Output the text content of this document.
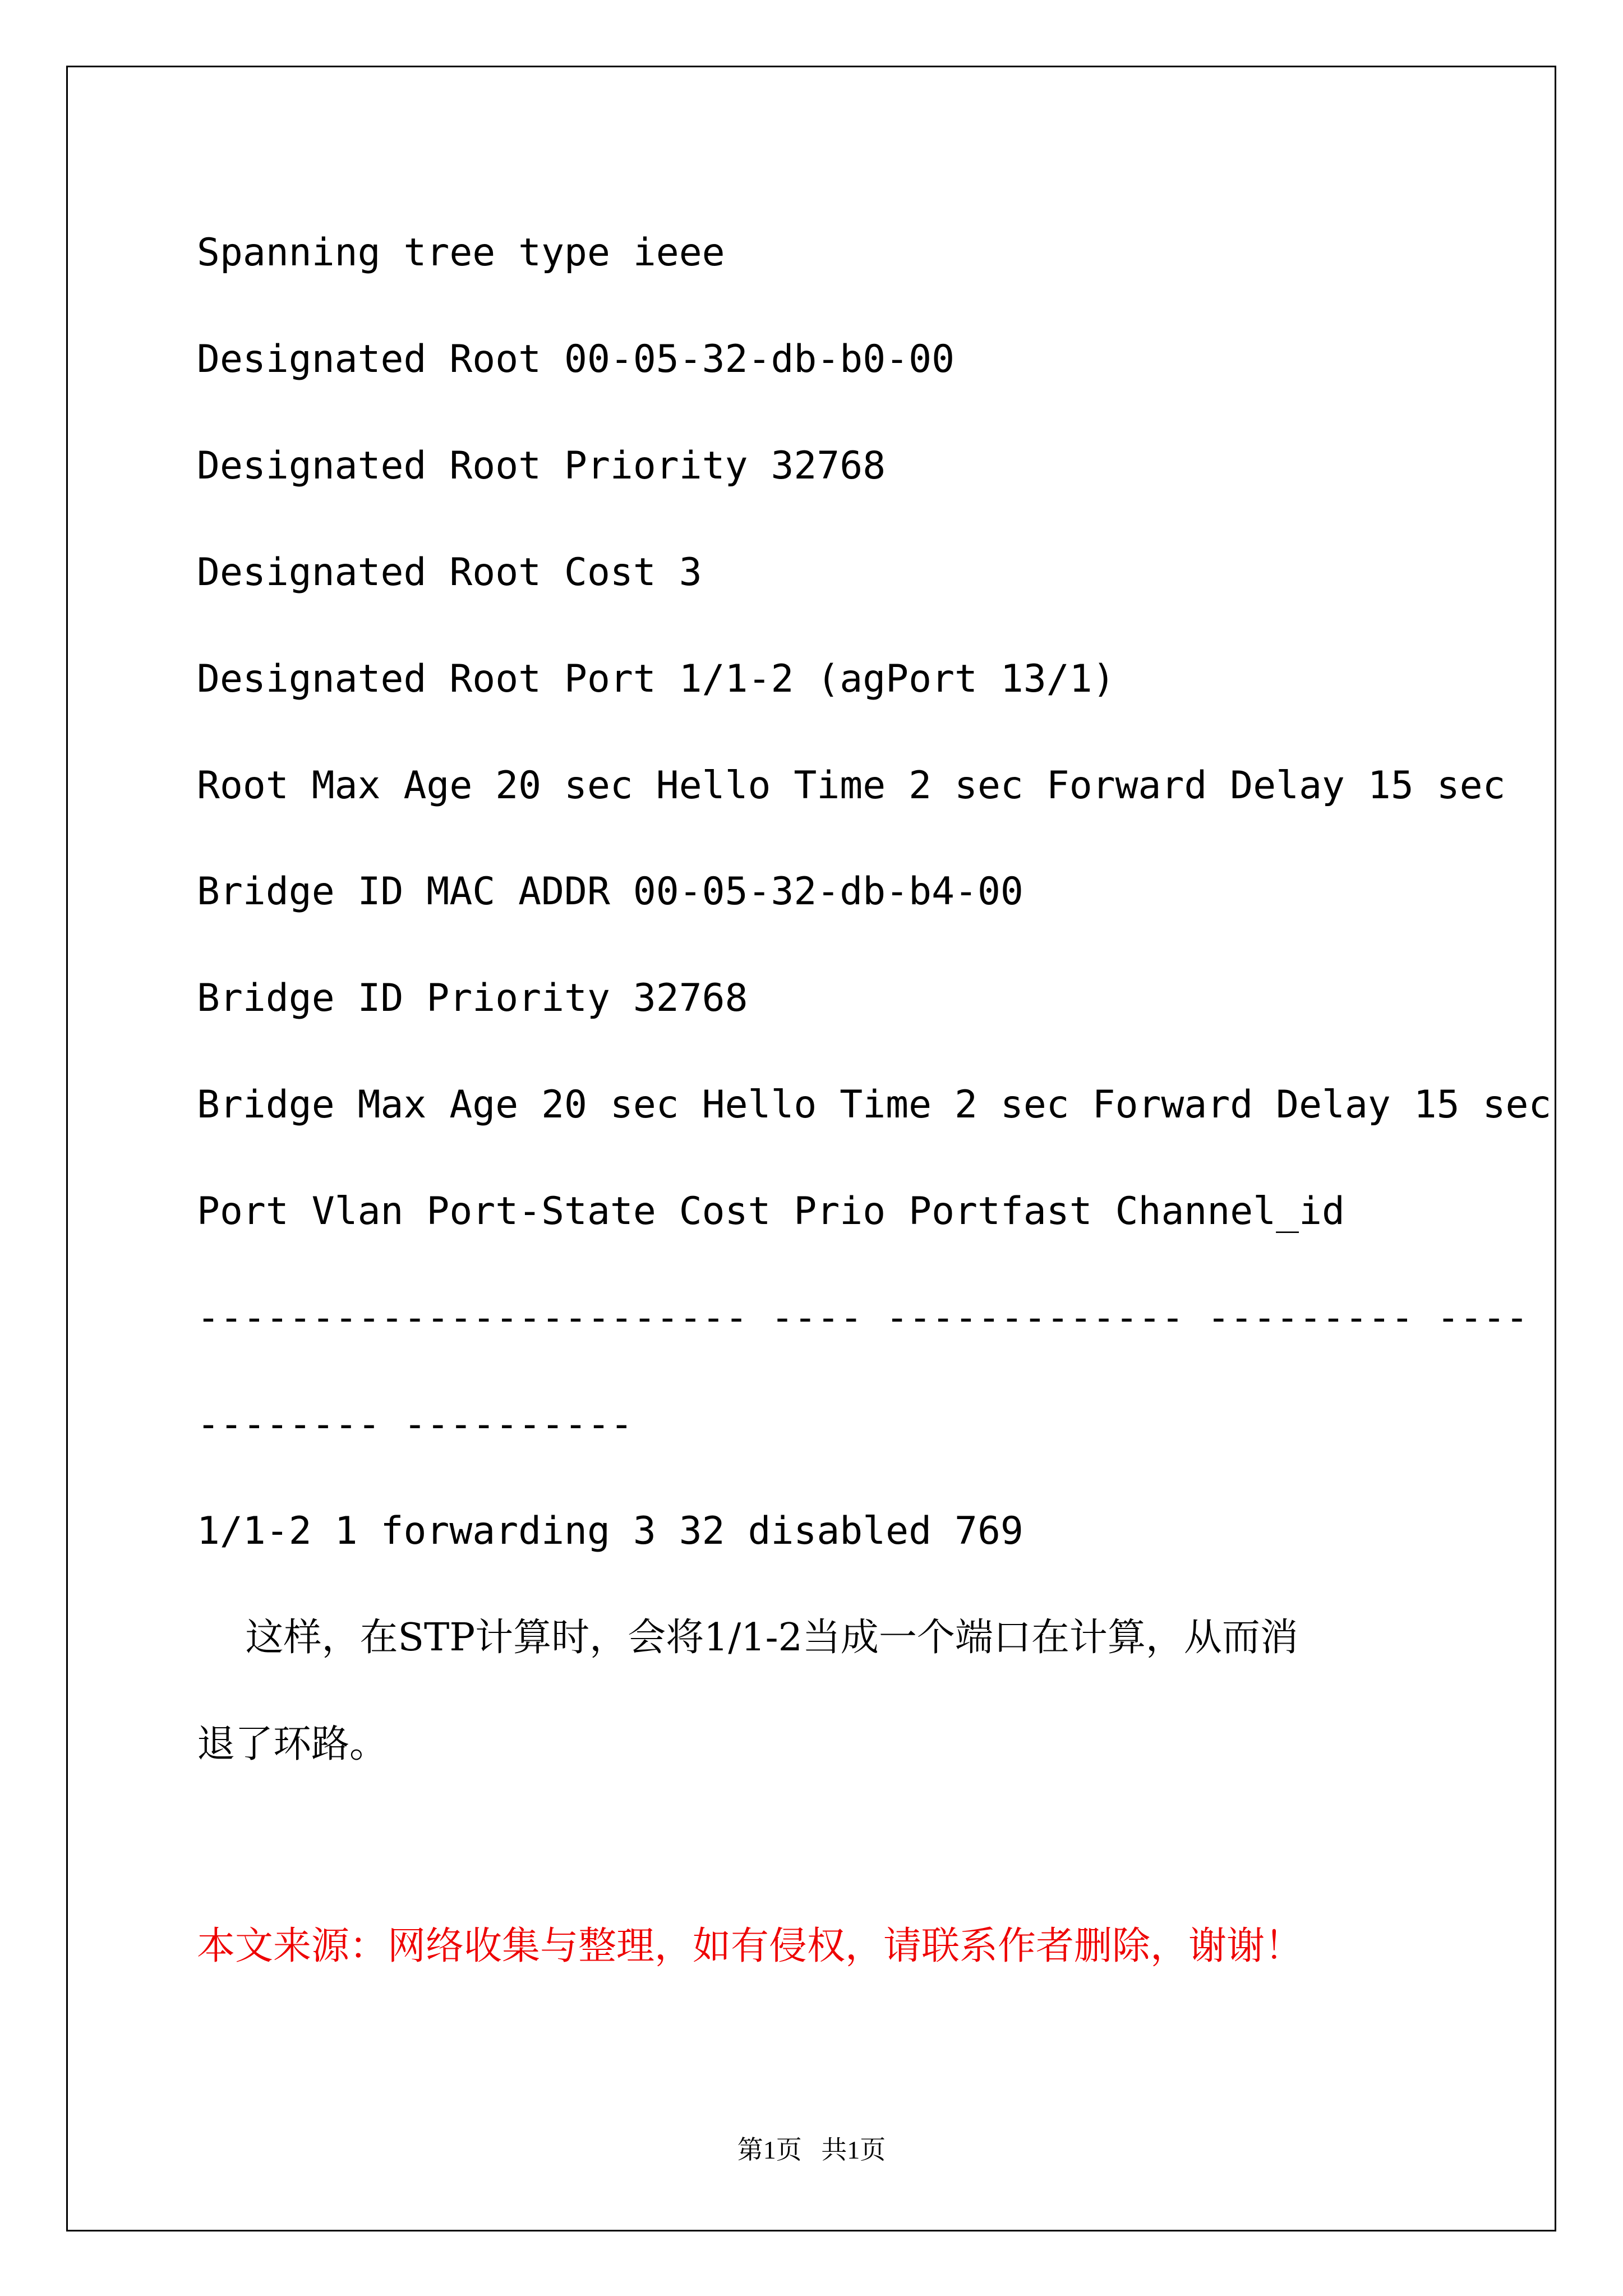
Spanning tree type ieee
Designated Root 00-05-32-db-b0-00
Designated Root Priority 32768
Designated Root Cost 3
Designated Root Port 1/1-2 (agPort 13/1)
Root Max Age 20 sec Hello Time 2 sec Forward Delay 15 sec
Bridge ID MAC ADDR 00-05-32-db-b4-00
Bridge ID Priority 32768
Bridge Max Age 20 sec Hello Time 2 sec Forward Delay 15 sec
Port Vlan Port-State Cost Prio Portfast Channel_id
------------------------ ---- ------------- --------- ----
-------- ----------
1/1-2 1 forwarding 3 32 disabled 769
这样，在STP计算时，会将1/1-2当成一个端口在计算，从而消
退了环路。
本文来源：网络收集与整理，如有侵权，请联系作者删除，谢谢！
第1页   共1页
